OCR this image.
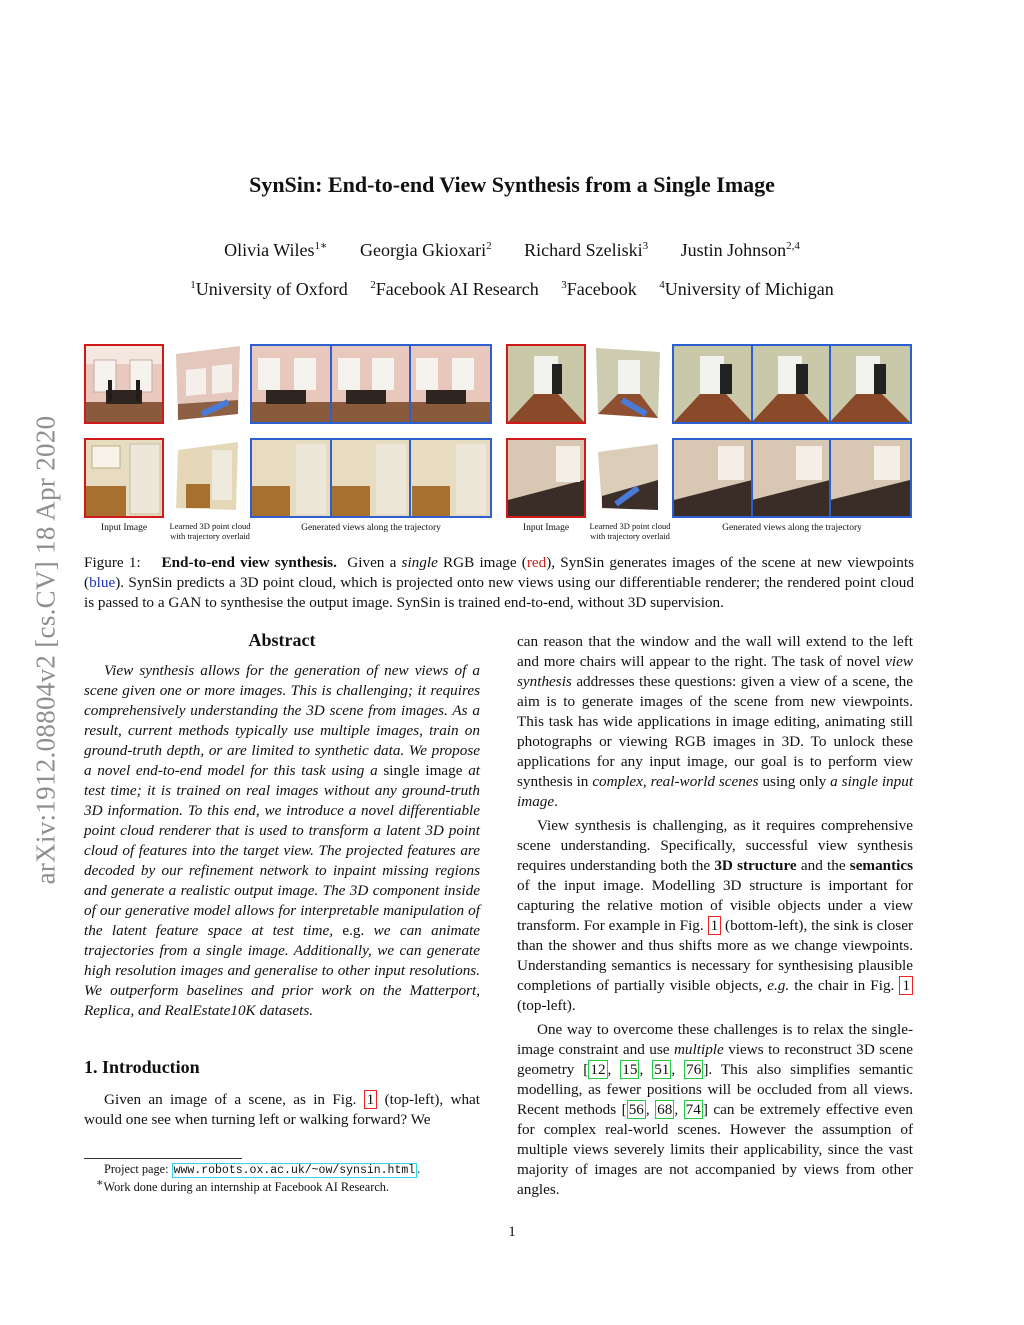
arXiv:1912.08804v2 [cs.CV] 18 Apr 2020
SynSin: End-to-end View Synthesis from a Single Image
Olivia Wiles$^{1∗}$ Georgia Gkioxari$^2$ Richard Szeliski$^3$ Justin Johnson$^{2,4}$
$^1$University of Oxford $^2$Facebook AI Research $^3$Facebook $^4$University of Michigan
Input Image	Learned 3D point cloud
with trajectory overlaid
Generated views along the trajectory	Input Image	Learned 3D point cloud
with trajectory overlaid
Generated views along the trajectory
Figure 1: End-to-end view synthesis. Given a single RGB image (red), SynSin generates images of the scene at new viewpoints (blue). SynSin predicts a 3D point cloud, which is projected onto new views using our differentiable renderer; the rendered point cloud is passed to a GAN to synthesise the output image. SynSin is trained end-to-end, without 3D supervision.
Abstract

View synthesis allows for the generation of new views of a scene given one or more images. This is challenging; it requires comprehensively understanding the 3D scene from images. As a result, current methods typically use multiple images, train on ground-truth depth, or are limited to synthetic data. We propose a novel end-to-end model for this task using a single image at test time; it is trained on real images without any ground-truth 3D information. To this end, we introduce a novel differentiable point cloud renderer that is used to transform a latent 3D point cloud of features into the target view. The projected features are decoded by our refinement network to inpaint missing regions and generate a realistic output image. The 3D component inside of our generative model allows for interpretable manipulation of the latent feature space at test time, e.g. we can animate trajectories from a single image. Additionally, we can generate high resolution images and generalise to other input resolutions. We outperform baselines and prior work on the Matterport, Replica, and RealEstate10K datasets.

1. Introduction

Given an image of a scene, as in Fig. 1 (top-left), what would one see when turning left or walking forward? We

can reason that the window and the wall will extend to the left and more chairs will appear to the right. The task of novel view synthesis addresses these questions: given a view of a scene, the aim is to generate images of the scene from new viewpoints. This task has wide applications in image editing, animating still photographs or viewing RGB images in 3D. To unlock these applications for any input image, our goal is to perform view synthesis in complex, real-world scenes using only a single input image.

View synthesis is challenging, as it requires comprehensive scene understanding. Specifically, successful view synthesis requires understanding both the 3D structure and the semantics of the input image. Modelling 3D structure is important for capturing the relative motion of visible objects under a view transform. For example in Fig. 1 (bottom-left), the sink is closer than the shower and thus shifts more as we change viewpoints. Understanding semantics is necessary for synthesising plausible completions of partially visible objects, e.g. the chair in Fig. 1 (top-left).

One way to overcome these challenges is to relax the single-image constraint and use multiple views to reconstruct 3D scene geometry [ 12 , 15 , 51 , 76 ]. This also simplifies semantic modelling, as fewer positions will be occluded from all views. Recent methods [ 56 , 68 , 74 ] can be extremely effective even for complex real-world scenes. However the assumption of multiple views severely limits their applicability, since the vast majority of images are not accompanied by views from other angles.

Project page: www.robots.ox.ac.uk/~ow/synsin.html .
∗Work done during an internship at Facebook AI Research.
1
